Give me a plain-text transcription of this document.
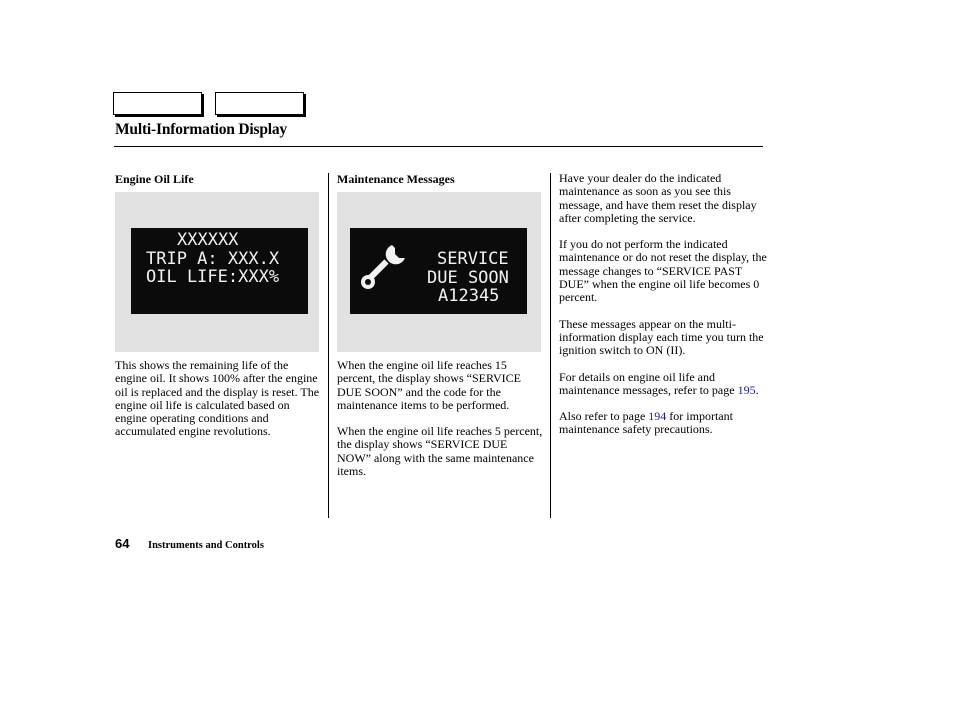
Multi-Information Display
Engine Oil Life
XXXXXX
TRIP A: XXX.X
OIL LIFE:XXX%

This shows the remaining life of the engine oil. It shows 100% after the engine oil is replaced and the display is reset. The engine oil life is calculated based on engine operating conditions and accumulated engine revolutions.

Maintenance Messages
SERVICE
DUE SOON
A12345

When the engine oil life reaches 15 percent, the display shows “SERVICE DUE SOON” and the code for the maintenance items to be performed.

When the engine oil life reaches 5 percent, the display shows “SERVICE DUE NOW” along with the same maintenance items.

Have your dealer do the indicated maintenance as soon as you see this message, and have them reset the display after completing the service.

If you do not perform the indicated maintenance or do not reset the display, the message changes to “SERVICE PAST DUE” when the engine oil life becomes 0 percent.

These messages appear on the multi-information display each time you turn the ignition switch to ON (II).

For details on engine oil life and maintenance messages, refer to page 195.

Also refer to page 194 for important maintenance safety precautions.

64 Instruments and Controls
